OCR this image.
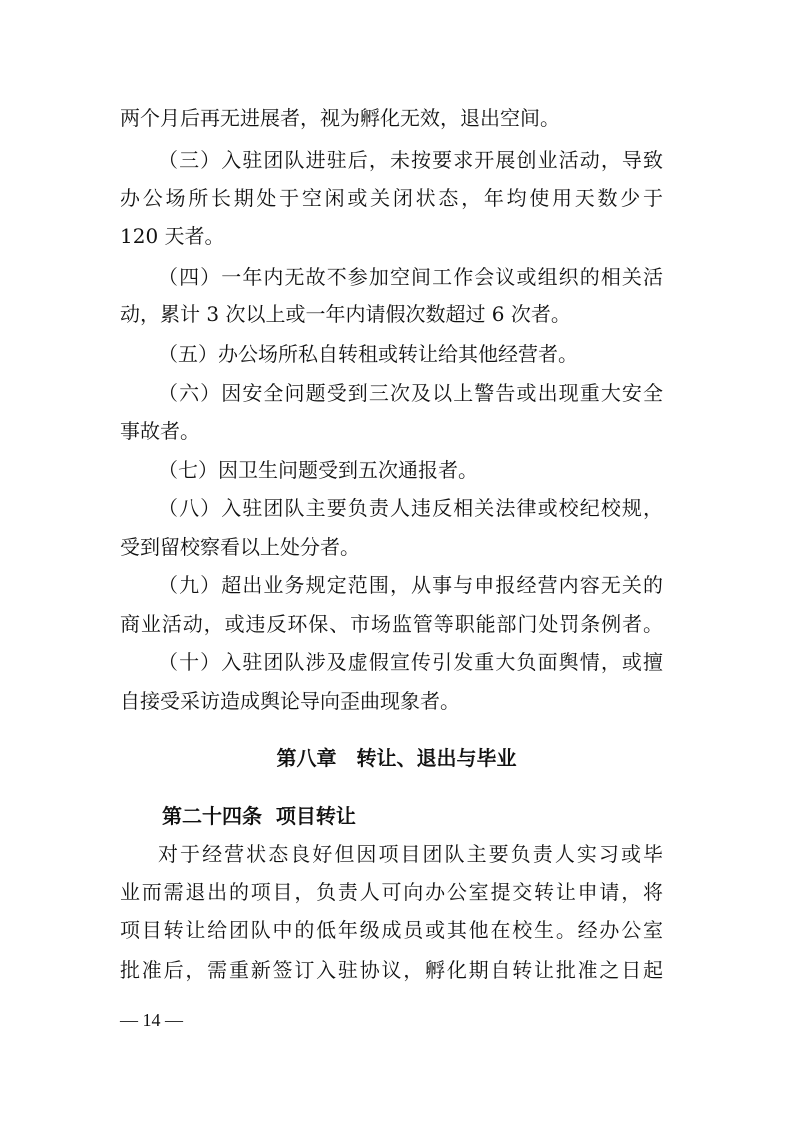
两个月后再无进展者，视为孵化无效，退出空间。
（三）入驻团队进驻后，未按要求开展创业活动，导致
办公场所长期处于空闲或关闭状态，年均使用天数少于
120 天者。
（四）一年内无故不参加空间工作会议或组织的相关活
动，累计 3 次以上或一年内请假次数超过 6 次者。
（五）办公场所私自转租或转让给其他经营者。
（六）因安全问题受到三次及以上警告或出现重大安全
事故者。
（七）因卫生问题受到五次通报者。
（八）入驻团队主要负责人违反相关法律或校纪校规，
受到留校察看以上处分者。
（九）超出业务规定范围，从事与申报经营内容无关的
商业活动，或违反环保、市场监管等职能部门处罚条例者。
（十）入驻团队涉及虚假宣传引发重大负面舆情，或擅
自接受采访造成舆论导向歪曲现象者。
第八章　转让、退出与毕业
第二十四条  项目转让
对于经营状态良好但因项目团队主要负责人实习或毕
业而需退出的项目，负责人可向办公室提交转让申请，将
项目转让给团队中的低年级成员或其他在校生。经办公室
批准后，需重新签订入驻协议，孵化期自转让批准之日起
— 14 —
